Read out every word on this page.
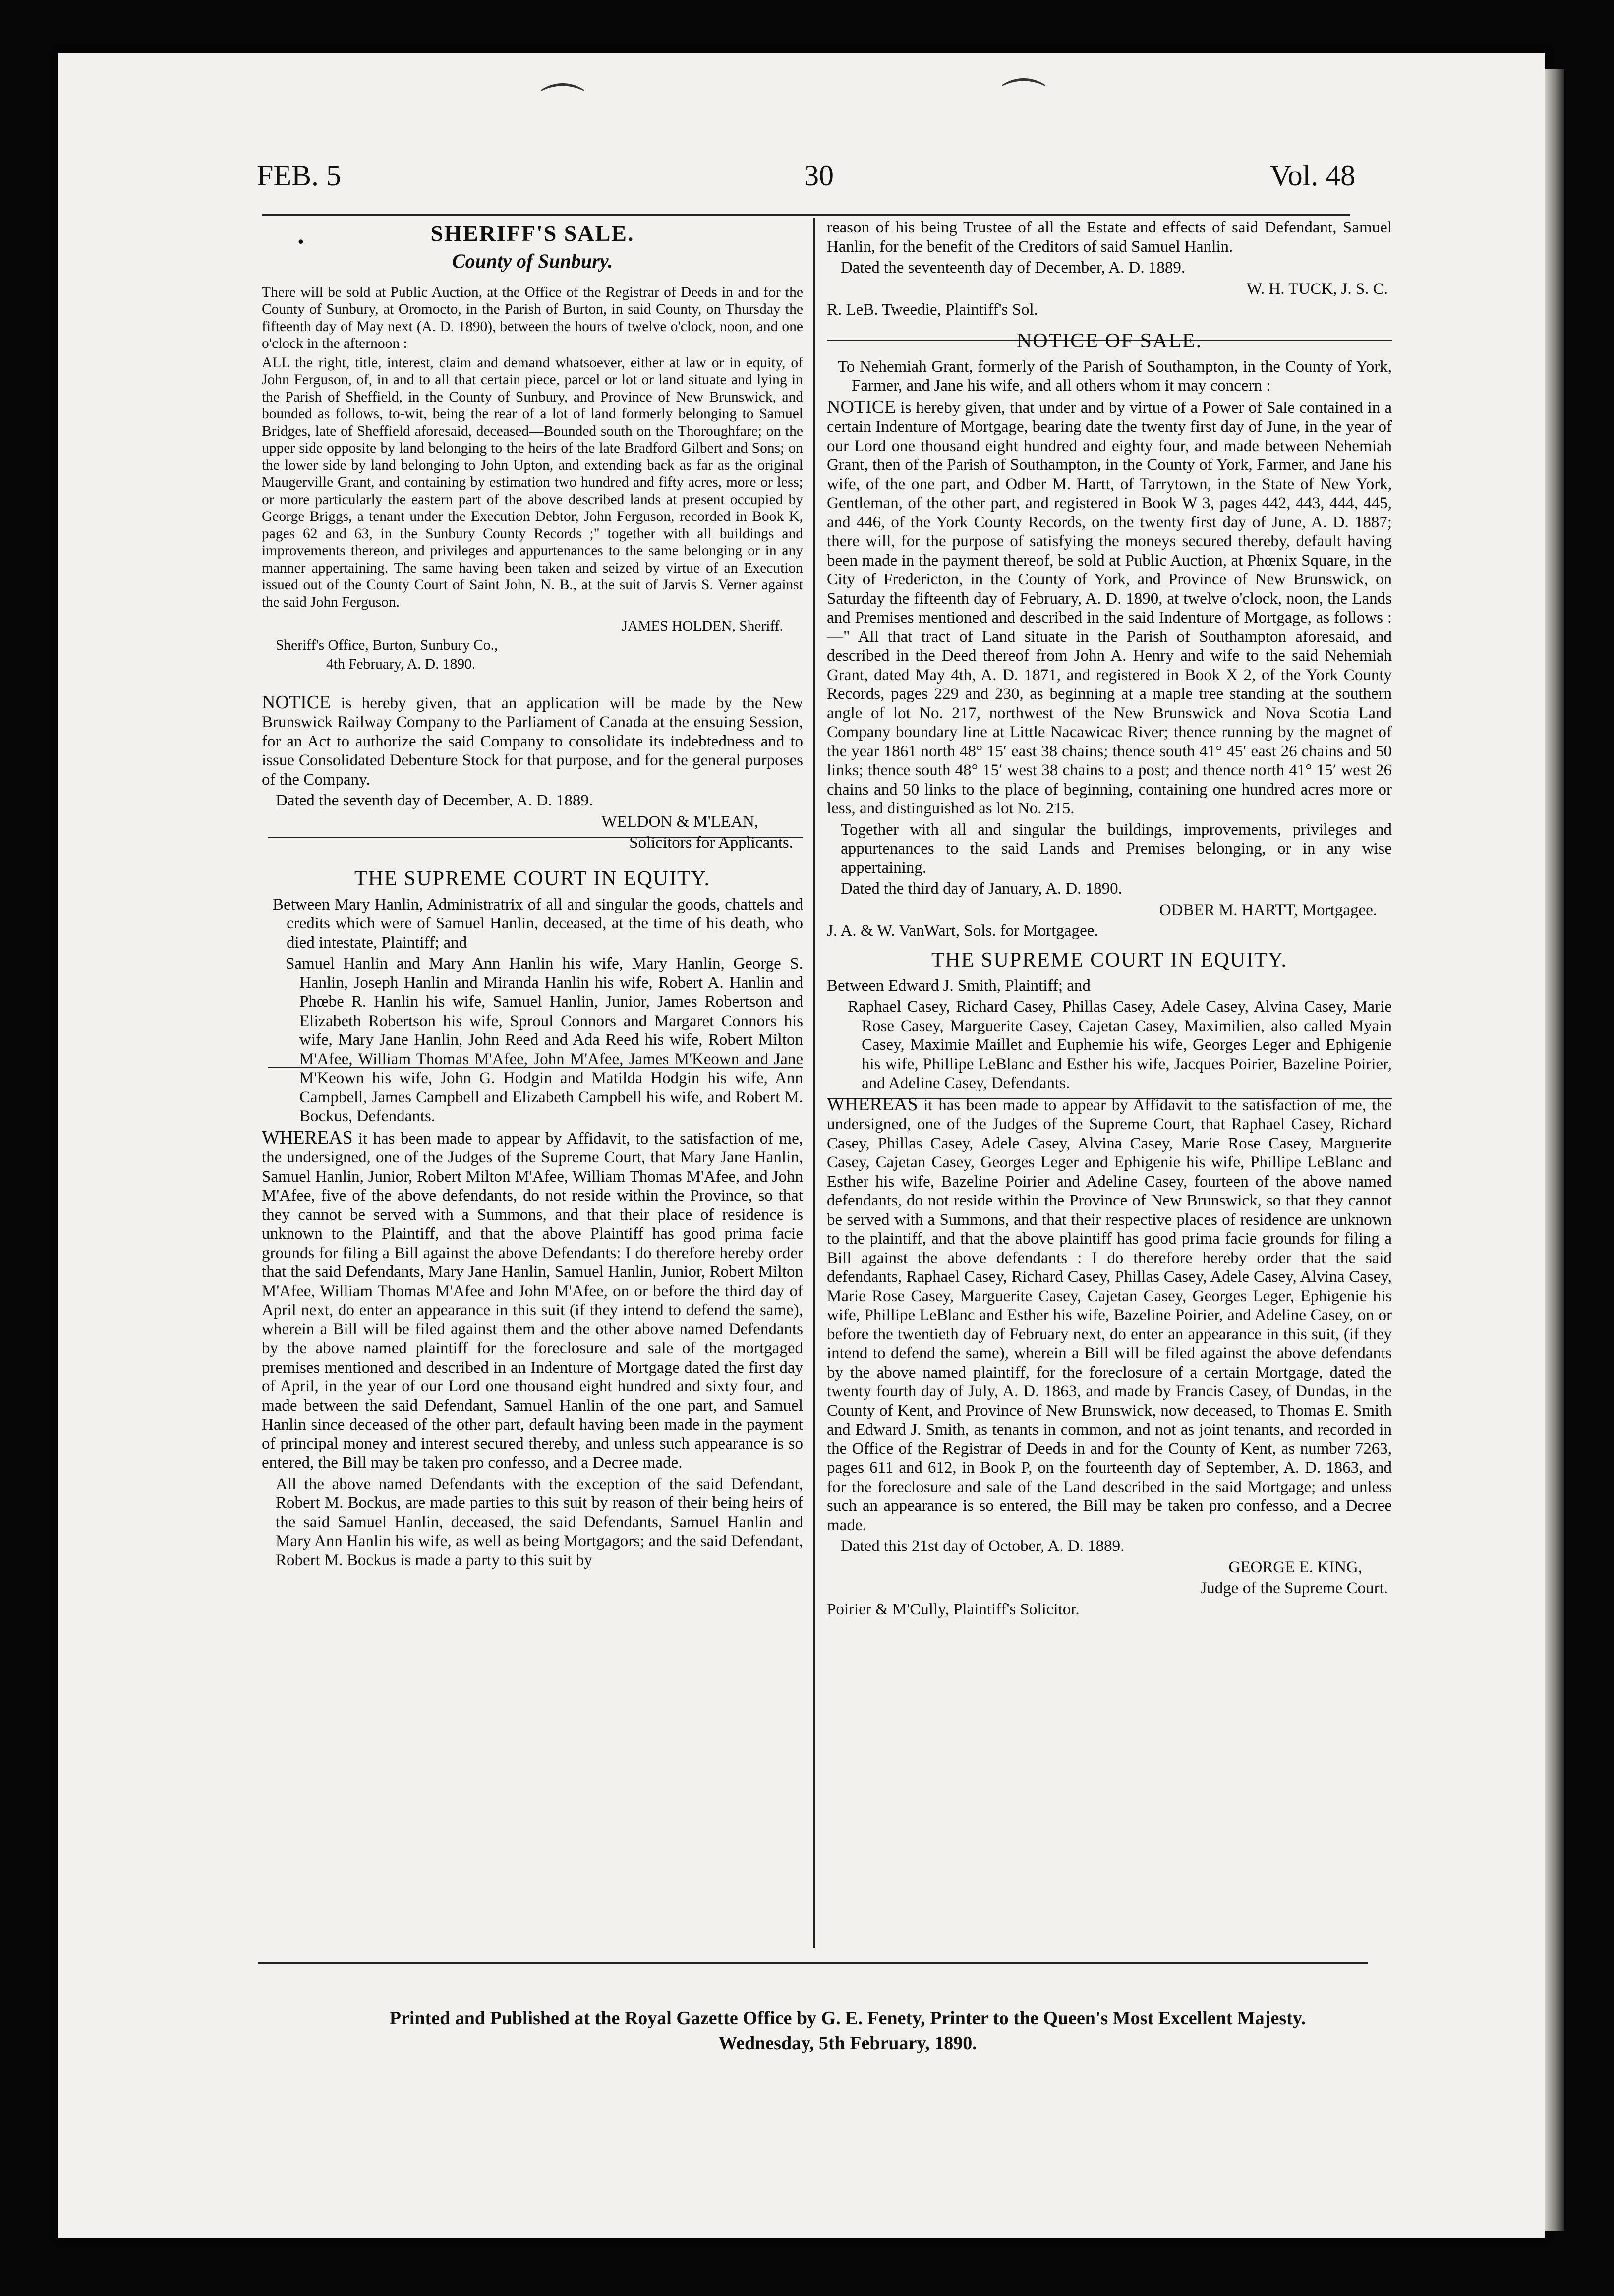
⌒	⌒
FEB. 5	30	Vol. 48
•	SHERIFF'S SALE.
County of Sunbury.

There will be sold at Public Auction, at the Office of the Registrar of Deeds in and for the County of Sunbury, at Oromocto, in the Parish of Burton, in said County, on Thursday the fifteenth day of May next (A. D. 1890), between the hours of twelve o'clock, noon, and one o'clock in the afternoon :

ALL the right, title, interest, claim and demand whatsoever, either at law or in equity, of John Ferguson, of, in and to all that certain piece, parcel or lot or land situate and lying in the Parish of Sheffield, in the County of Sunbury, and Province of New Brunswick, and bounded as follows, to-wit, being the rear of a lot of land formerly belonging to Samuel Bridges, late of Sheffield aforesaid, deceased—Bounded south on the Thoroughfare; on the upper side opposite by land belonging to the heirs of the late Bradford Gilbert and Sons; on the lower side by land belonging to John Upton, and extending back as far as the original Maugerville Grant, and containing by estimation two hundred and fifty acres, more or less; or more particularly the eastern part of the above described lands at present occupied by George Briggs, a tenant under the Execution Debtor, John Ferguson, recorded in Book K, pages 62 and 63, in the Sunbury County Records ;" together with all buildings and improvements thereon, and privileges and appurtenances to the same belonging or in any manner appertaining. The same having been taken and seized by virtue of an Execution issued out of the County Court of Saint John, N. B., at the suit of Jarvis S. Verner against the said John Ferguson.

JAMES HOLDEN, Sheriff.

Sheriff's Office, Burton, Sunbury Co.,

4th February, A. D. 1890.

NOTICE is hereby given, that an application will be made by the New Brunswick Railway Company to the Parliament of Canada at the ensuing Session, for an Act to authorize the said Company to consolidate its indebtedness and to issue Consolidated Debenture Stock for that purpose, and for the general purposes of the Company.

Dated the seventh day of December, A. D. 1889.

WELDON & M'LEAN,

Solicitors for Applicants.

THE SUPREME COURT IN EQUITY.

Between Mary Hanlin, Administratrix of all and singular the goods, chattels and credits which were of Samuel Hanlin, deceased, at the time of his death, who died intestate, Plaintiff; and

Samuel Hanlin and Mary Ann Hanlin his wife, Mary Hanlin, George S. Hanlin, Joseph Hanlin and Miranda Hanlin his wife, Robert A. Hanlin and Phœbe R. Hanlin his wife, Samuel Hanlin, Junior, James Robertson and Elizabeth Robertson his wife, Sproul Connors and Margaret Connors his wife, Mary Jane Hanlin, John Reed and Ada Reed his wife, Robert Milton M'Afee, William Thomas M'Afee, John M'Afee, James M'Keown and Jane M'Keown his wife, John G. Hodgin and Matilda Hodgin his wife, Ann Campbell, James Campbell and Elizabeth Campbell his wife, and Robert M. Bockus, Defendants.

WHEREAS it has been made to appear by Affidavit, to the satisfaction of me, the undersigned, one of the Judges of the Supreme Court, that Mary Jane Hanlin, Samuel Hanlin, Junior, Robert Milton M'Afee, William Thomas M'Afee, and John M'Afee, five of the above defendants, do not reside within the Province, so that they cannot be served with a Summons, and that their place of residence is unknown to the Plaintiff, and that the above Plaintiff has good prima facie grounds for filing a Bill against the above Defendants: I do therefore hereby order that the said Defendants, Mary Jane Hanlin, Samuel Hanlin, Junior, Robert Milton M'Afee, William Thomas M'Afee and John M'Afee, on or before the third day of April next, do enter an appearance in this suit (if they intend to defend the same), wherein a Bill will be filed against them and the other above named Defendants by the above named plaintiff for the foreclosure and sale of the mortgaged premises mentioned and described in an Indenture of Mortgage dated the first day of April, in the year of our Lord one thousand eight hundred and sixty four, and made between the said Defendant, Samuel Hanlin of the one part, and Samuel Hanlin since deceased of the other part, default having been made in the payment of principal money and interest secured thereby, and unless such appearance is so entered, the Bill may be taken pro confesso, and a Decree made.

All the above named Defendants with the exception of the said Defendant, Robert M. Bockus, are made parties to this suit by reason of their being heirs of the said Samuel Hanlin, deceased, the said Defendants, Samuel Hanlin and Mary Ann Hanlin his wife, as well as being Mortgagors; and the said Defendant, Robert M. Bockus is made a party to this suit by

reason of his being Trustee of all the Estate and effects of said Defendant, Samuel Hanlin, for the benefit of the Creditors of said Samuel Hanlin.

Dated the seventeenth day of December, A. D. 1889.

W. H. TUCK, J. S. C.

R. LeB. Tweedie, Plaintiff's Sol.

NOTICE OF SALE.

To Nehemiah Grant, formerly of the Parish of Southampton, in the County of York, Farmer, and Jane his wife, and all others whom it may concern :

NOTICE is hereby given, that under and by virtue of a Power of Sale contained in a certain Indenture of Mortgage, bearing date the twenty first day of June, in the year of our Lord one thousand eight hundred and eighty four, and made between Nehemiah Grant, then of the Parish of Southampton, in the County of York, Farmer, and Jane his wife, of the one part, and Odber M. Hartt, of Tarrytown, in the State of New York, Gentleman, of the other part, and registered in Book W 3, pages 442, 443, 444, 445, and 446, of the York County Records, on the twenty first day of June, A. D. 1887; there will, for the purpose of satisfying the moneys secured thereby, default having been made in the payment thereof, be sold at Public Auction, at Phœnix Square, in the City of Fredericton, in the County of York, and Province of New Brunswick, on Saturday the fifteenth day of February, A. D. 1890, at twelve o'clock, noon, the Lands and Premises mentioned and described in the said Indenture of Mortgage, as follows :—" All that tract of Land situate in the Parish of Southampton aforesaid, and described in the Deed thereof from John A. Henry and wife to the said Nehemiah Grant, dated May 4th, A. D. 1871, and registered in Book X 2, of the York County Records, pages 229 and 230, as beginning at a maple tree standing at the southern angle of lot No. 217, northwest of the New Brunswick and Nova Scotia Land Company boundary line at Little Nacawicac River; thence running by the magnet of the year 1861 north 48° 15′ east 38 chains; thence south 41° 45′ east 26 chains and 50 links; thence south 48° 15′ west 38 chains to a post; and thence north 41° 15′ west 26 chains and 50 links to the place of beginning, containing one hundred acres more or less, and distinguished as lot No. 215.

Together with all and singular the buildings, improvements, privileges and appurtenances to the said Lands and Premises belonging, or in any wise appertaining.

Dated the third day of January, A. D. 1890.

ODBER M. HARTT, Mortgagee.

J. A. & W. VanWart, Sols. for Mortgagee.

THE SUPREME COURT IN EQUITY.

Between Edward J. Smith, Plaintiff; and

Raphael Casey, Richard Casey, Phillas Casey, Adele Casey, Alvina Casey, Marie Rose Casey, Marguerite Casey, Cajetan Casey, Maximilien, also called Myain Casey, Maximie Maillet and Euphemie his wife, Georges Leger and Ephigenie his wife, Phillipe LeBlanc and Esther his wife, Jacques Poirier, Bazeline Poirier, and Adeline Casey, Defendants.

WHEREAS it has been made to appear by Affidavit to the satisfaction of me, the undersigned, one of the Judges of the Supreme Court, that Raphael Casey, Richard Casey, Phillas Casey, Adele Casey, Alvina Casey, Marie Rose Casey, Marguerite Casey, Cajetan Casey, Georges Leger and Ephigenie his wife, Phillipe LeBlanc and Esther his wife, Bazeline Poirier and Adeline Casey, fourteen of the above named defendants, do not reside within the Province of New Brunswick, so that they cannot be served with a Summons, and that their respective places of residence are unknown to the plaintiff, and that the above plaintiff has good prima facie grounds for filing a Bill against the above defendants : I do therefore hereby order that the said defendants, Raphael Casey, Richard Casey, Phillas Casey, Adele Casey, Alvina Casey, Marie Rose Casey, Marguerite Casey, Cajetan Casey, Georges Leger, Ephigenie his wife, Phillipe LeBlanc and Esther his wife, Bazeline Poirier, and Adeline Casey, on or before the twentieth day of February next, do enter an appearance in this suit, (if they intend to defend the same), wherein a Bill will be filed against the above defendants by the above named plaintiff, for the foreclosure of a certain Mortgage, dated the twenty fourth day of July, A. D. 1863, and made by Francis Casey, of Dundas, in the County of Kent, and Province of New Brunswick, now deceased, to Thomas E. Smith and Edward J. Smith, as tenants in common, and not as joint tenants, and recorded in the Office of the Registrar of Deeds in and for the County of Kent, as number 7263, pages 611 and 612, in Book P, on the fourteenth day of September, A. D. 1863, and for the foreclosure and sale of the Land described in the said Mortgage; and unless such an appearance is so entered, the Bill may be taken pro confesso, and a Decree made.

Dated this 21st day of October, A. D. 1889.

GEORGE E. KING,

Judge of the Supreme Court.

Poirier & M'Cully, Plaintiff's Solicitor.

Printed and Published at the Royal Gazette Office by G. E. Fenety, Printer to the Queen's Most Excellent Majesty.
Wednesday, 5th February, 1890.
